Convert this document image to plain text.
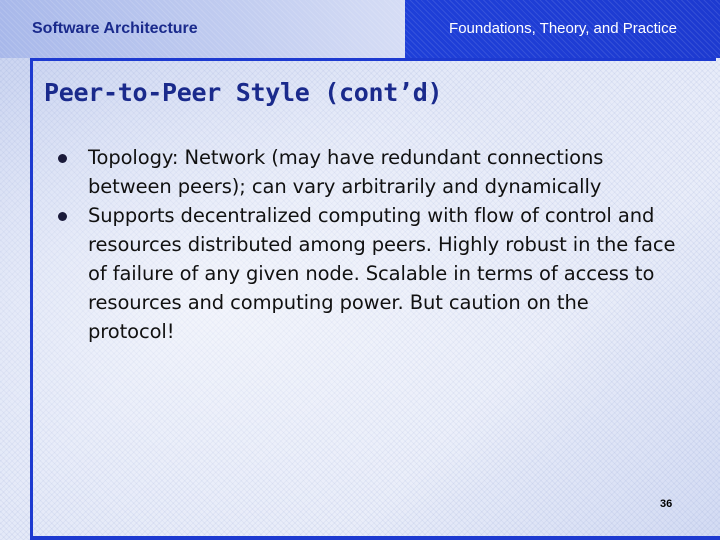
Software Architecture	Foundations, Theory, and Practice
Peer-to-Peer Style (cont’d)
Topology: Network (may have redundant connections between peers); can vary arbitrarily and dynamically
Supports decentralized computing with flow of control and resources distributed among peers. Highly robust in the face of failure of any given node. Scalable in terms of access to resources and computing power. But caution on the protocol!
36
